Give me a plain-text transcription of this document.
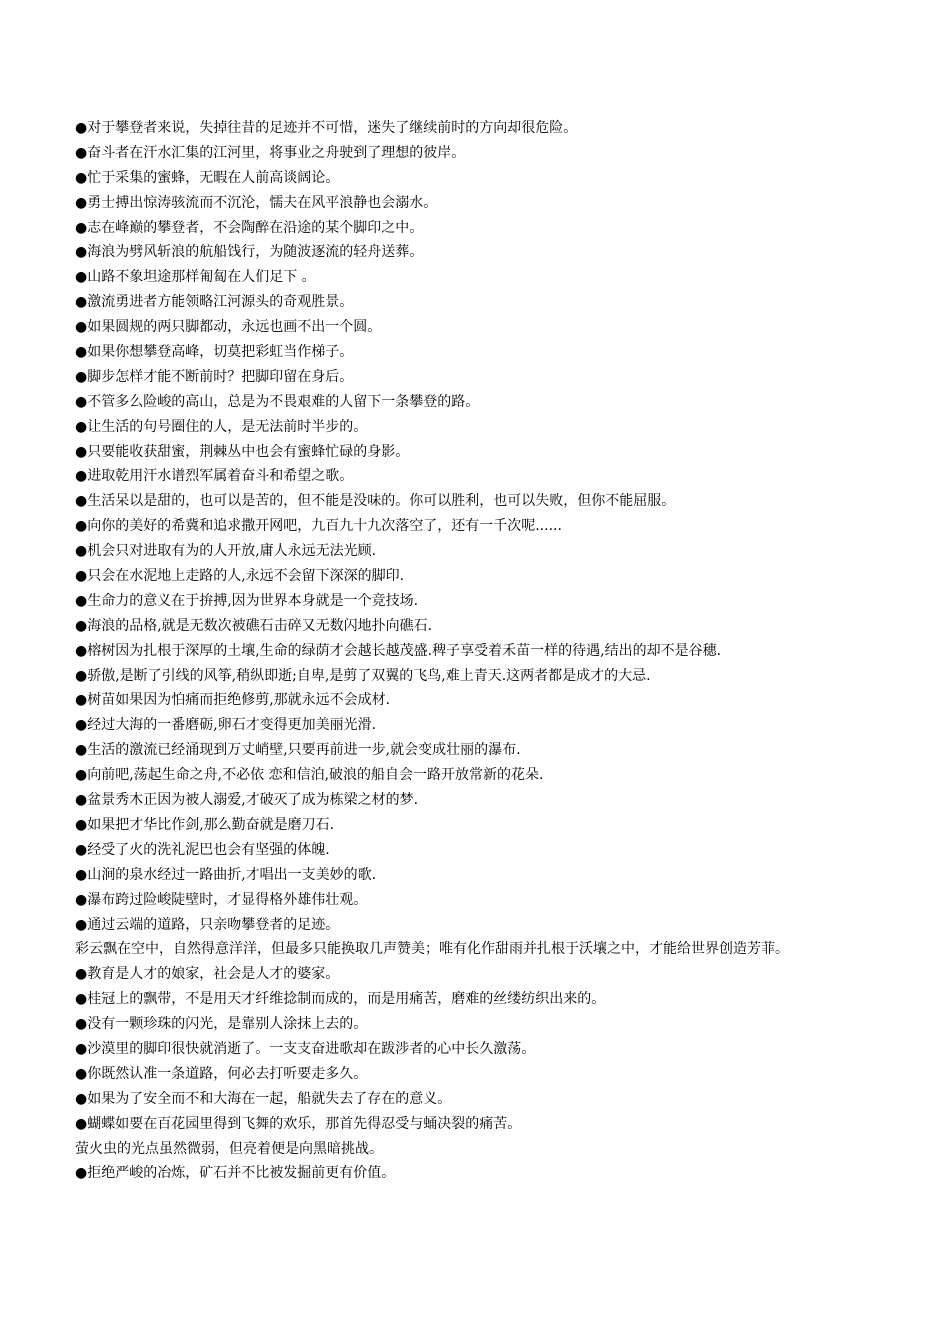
●对于攀登者来说，失掉往昔的足迹并不可惜，迷失了继续前时的方向却很危险。
●奋斗者在汗水汇集的江河里，将事业之舟驶到了理想的彼岸。
●忙于采集的蜜蜂，无暇在人前高谈阔论。
●勇士搏出惊涛骇流而不沉沦，懦夫在风平浪静也会溺水。
●志在峰巅的攀登者，不会陶醉在沿途的某个脚印之中。
●海浪为劈风斩浪的航船饯行，为随波逐流的轻舟送葬。
●山路不象坦途那样匍匐在人们足下 。
●激流勇进者方能领略江河源头的奇观胜景。
●如果圆规的两只脚都动，永远也画不出一个圆。
●如果你想攀登高峰，切莫把彩虹当作梯子。
●脚步怎样才能不断前时？把脚印留在身后。
●不管多么险峻的高山，总是为不畏艰难的人留下一条攀登的路。
●让生活的句号圈住的人，是无法前时半步的。
●只要能收获甜蜜，荆棘丛中也会有蜜蜂忙碌的身影。
●进取乾用汗水谱烈军属着奋斗和希望之歌。
●生活呆以是甜的，也可以是苦的，但不能是没味的。你可以胜利，也可以失败，但你不能屈服。
●向你的美好的希冀和追求撒开网吧，九百九十九次落空了，还有一千次呢......
●机会只对进取有为的人开放,庸人永远无法光顾.
●只会在水泥地上走路的人,永远不会留下深深的脚印.
●生命力的意义在于拚搏,因为世界本身就是一个竞技场.
●海浪的品格,就是无数次被礁石击碎又无数闪地扑向礁石.
●榕树因为扎根于深厚的土壤,生命的绿荫才会越长越茂盛.稗子享受着禾苗一样的待遇,结出的却不是谷穗.
●骄傲,是断了引线的风筝,稍纵即逝;自卑,是剪了双翼的飞鸟,难上青天.这两者都是成才的大忌.
●树苗如果因为怕痛而拒绝修剪,那就永远不会成材.
●经过大海的一番磨砺,卵石才变得更加美丽光滑.
●生活的激流已经涌现到万丈峭壁,只要再前进一步,就会变成壮丽的瀑布.
●向前吧,荡起生命之舟,不必依 恋和信泊,破浪的船自会一路开放常新的花朵.
●盆景秀木正因为被人溺爱,才破灭了成为栋梁之材的梦.
●如果把才华比作剑,那么勤奋就是磨刀石.
●经受了火的洗礼泥巴也会有坚强的体魄.
●山涧的泉水经过一路曲折,才唱出一支美妙的歌.
●瀑布跨过险峻陡壁时，才显得格外雄伟壮观。
●通过云端的道路，只亲吻攀登者的足迹。
彩云飘在空中，自然得意洋洋，但最多只能换取几声赞美；唯有化作甜雨并扎根于沃壤之中，才能给世界创造芳菲。
●教育是人才的娘家，社会是人才的婆家。
●桂冠上的飘带，不是用天才纤维捻制而成的，而是用痛苦，磨难的丝缕纺织出来的。
●没有一颗珍珠的闪光，是靠别人涂抹上去的。
●沙漠里的脚印很快就消逝了。一支支奋进歌却在跋涉者的心中长久激荡。
●你既然认准一条道路，何必去打听要走多久。
●如果为了安全而不和大海在一起，船就失去了存在的意义。
●蝴蝶如要在百花园里得到飞舞的欢乐，那首先得忍受与蛹决裂的痛苦。
萤火虫的光点虽然微弱，但亮着便是向黑暗挑战。
●拒绝严峻的冶炼，矿石并不比被发掘前更有价值。
